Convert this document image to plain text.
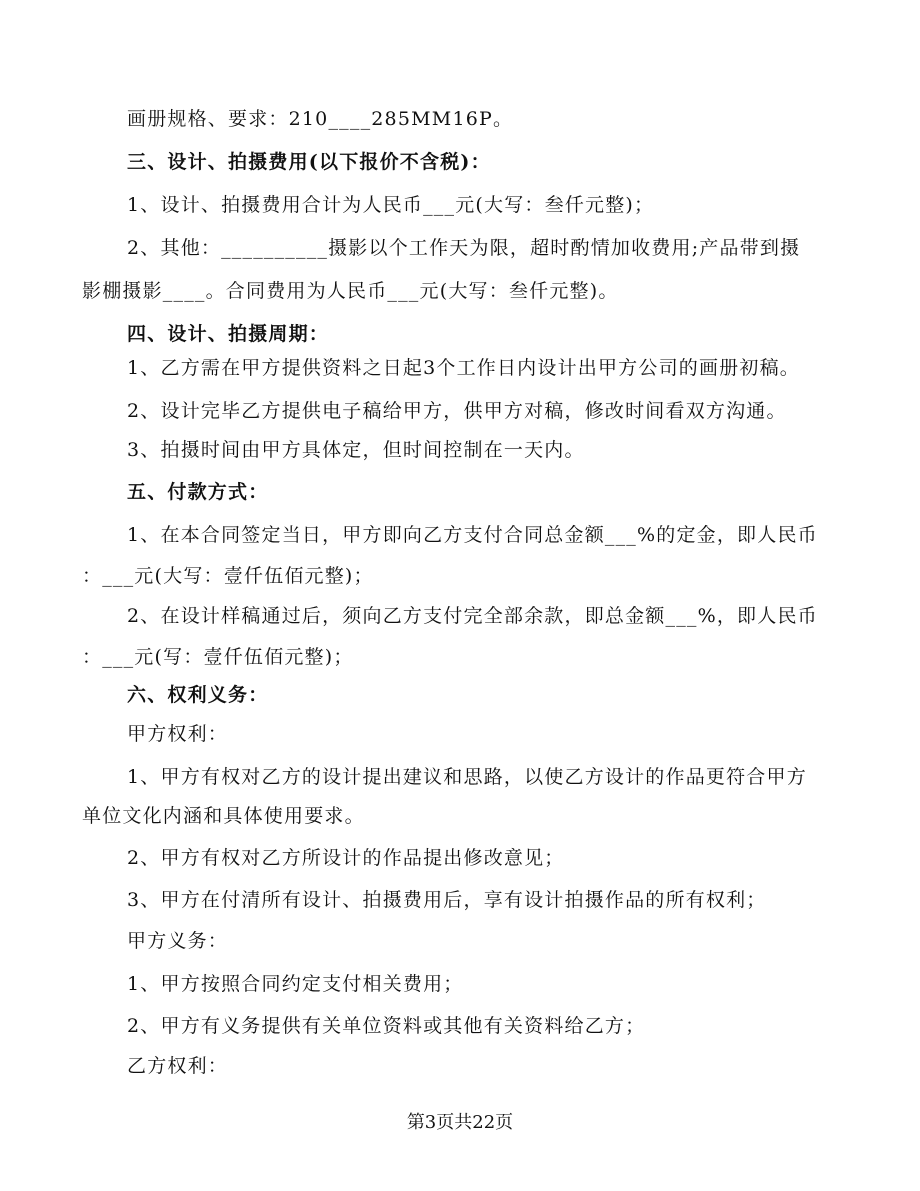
画册规格、要求：210____285MM16P。
三、设计、拍摄费用(以下报价不含税)：
1、设计、拍摄费用合计为人民币___元(大写：叁仟元整)；
2、其他：__________摄影以个工作天为限，超时酌情加收费用;产品带到摄
影棚摄影____。合同费用为人民币___元(大写：叁仟元整)。
四、设计、拍摄周期：
1、乙方需在甲方提供资料之日起3个工作日内设计出甲方公司的画册初稿。
2、设计完毕乙方提供电子稿给甲方，供甲方对稿，修改时间看双方沟通。
3、拍摄时间由甲方具体定，但时间控制在一天内。
五、付款方式：
1、在本合同签定当日，甲方即向乙方支付合同总金额___%的定金，即人民币
：___元(大写：壹仟伍佰元整)；
2、在设计样稿通过后，须向乙方支付完全部余款，即总金额___%，即人民币
：___元(写：壹仟伍佰元整)；
六、权利义务：
甲方权利：
1、甲方有权对乙方的设计提出建议和思路，以使乙方设计的作品更符合甲方
单位文化内涵和具体使用要求。
2、甲方有权对乙方所设计的作品提出修改意见；
3、甲方在付清所有设计、拍摄费用后，享有设计拍摄作品的所有权利；
甲方义务：
1、甲方按照合同约定支付相关费用；
2、甲方有义务提供有关单位资料或其他有关资料给乙方；
乙方权利：
第3页共22页
